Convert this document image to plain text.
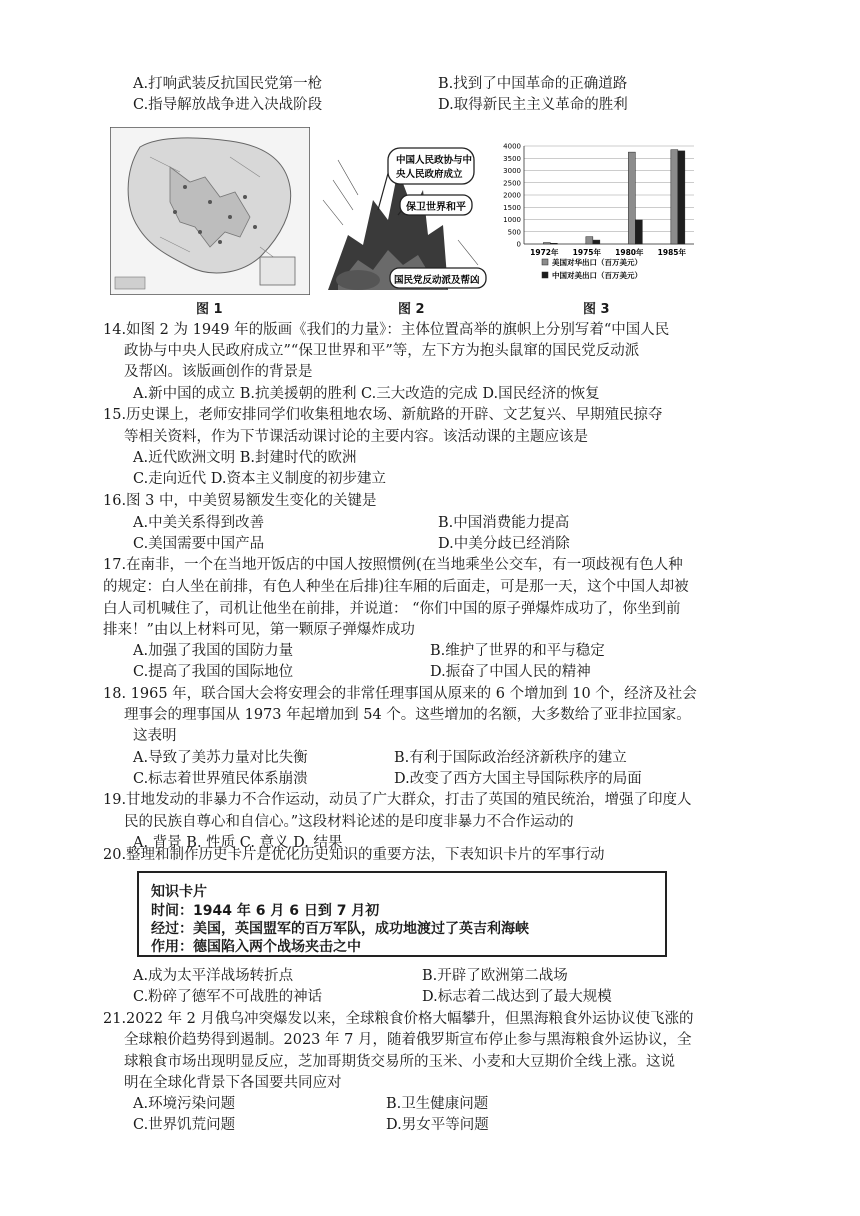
A.打响武装反抗国民党第一枪	B.找到了中国革命的正确道路
C.指导解放战争进入决战阶段	D.取得新民主主义革命的胜利
图 1
中国人民政协与中
央人民政府成立
保卫世界和平
国民党反动派及帮凶
图 2
0
500
1000
1500
2000
2500
3000
3500
4000
1972年 1975年 1980年 1985年
美国对华出口（百万美元）
中国对美出口（百万美元）
图 3
14.如图 2 为 1949 年的版画《我们的力量》：主体位置高举的旗帜上分别写着“中国人民
政协与中央人民政府成立”“保卫世界和平”等，左下方为抱头鼠窜的国民党反动派
及帮凶。该版画创作的背景是
A.新中国的成立 B.抗美援朝的胜利 C.三大改造的完成 D.国民经济的恢复
15.历史课上，老师安排同学们收集租地农场、新航路的开辟、文艺复兴、早期殖民掠夺
等相关资料，作为下节课活动课讨论的主要内容。该活动课的主题应该是
A.近代欧洲文明 B.封建时代的欧洲
C.走向近代 D.资本主义制度的初步建立
16.图 3 中，中美贸易额发生变化的关键是
A.中美关系得到改善	B.中国消费能力提高
C.美国需要中国产品	D.中美分歧已经消除
17.在南非，一个在当地开饭店的中国人按照惯例(在当地乘坐公交车，有一项歧视有色人种
的规定：白人坐在前排，有色人种坐在后排)往车厢的后面走，可是那一天，这个中国人却被
白人司机喊住了，司机让他坐在前排，并说道： “你们中国的原子弹爆炸成功了，你坐到前
排来！”由以上材料可见，第一颗原子弹爆炸成功
A.加强了我国的国防力量	B.维护了世界的和平与稳定
C.提高了我国的国际地位	D.振奋了中国人民的精神
18. 1965 年，联合国大会将安理会的非常任理事国从原来的 6 个增加到 10 个，经济及社会
理事会的理事国从 1973 年起增加到 54 个。这些增加的名额，大多数给了亚非拉国家。
这表明
A.导致了美苏力量对比失衡	B.有利于国际政治经济新秩序的建立
C.标志着世界殖民体系崩溃	D.改变了西方大国主导国际秩序的局面
19.甘地发动的非暴力不合作运动，动员了广大群众，打击了英国的殖民统治，增强了印度人
民的民族自尊心和自信心。”这段材料论述的是印度非暴力不合作运动的
A. 背景 B. 性质 C. 意义 D. 结果
20.整理和制作历史卡片是优化历史知识的重要方法，下表知识卡片的军事行动
知识卡片
时间：1944 年 6 月 6 日到 7 月初
经过：美国，英国盟军的百万军队，成功地渡过了英吉利海峡
作用：德国陷入两个战场夹击之中
A.成为太平洋战场转折点	B.开辟了欧洲第二战场
C.粉碎了德军不可战胜的神话	D.标志着二战达到了最大规模
21.2022 年 2 月俄乌冲突爆发以来，全球粮食价格大幅攀升，但黑海粮食外运协议使飞涨的
全球粮价趋势得到遏制。2023 年 7 月，随着俄罗斯宣布停止参与黑海粮食外运协议，全
球粮食市场出现明显反应，芝加哥期货交易所的玉米、小麦和大豆期价全线上涨。这说
明在全球化背景下各国要共同应对
A.环境污染问题	B.卫生健康问题
C.世界饥荒问题	D.男女平等问题
